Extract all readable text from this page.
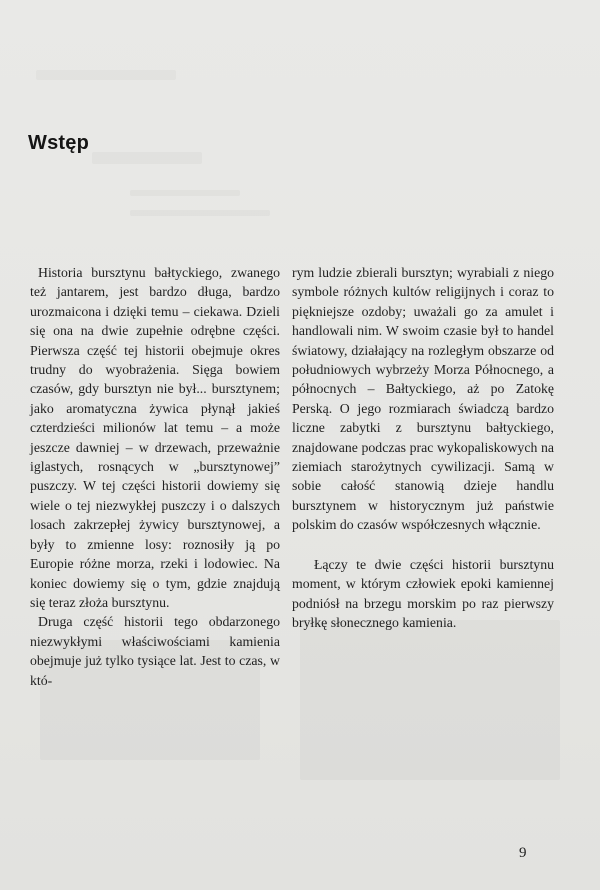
Wstęp

Historia bursztynu bałtyckiego, zwanego też jantarem, jest bardzo długa, bardzo urozmaicona i dzięki temu – ciekawa. Dzieli się ona na dwie zupełnie odrębne części. Pierwsza część tej historii obejmuje okres trudny do wyobrażenia. Sięga bowiem czasów, gdy bursztyn nie był... bursztynem; jako aromatyczna żywica płynął jakieś czterdzieści milionów lat temu – a może jeszcze dawniej – w drzewach, przeważnie iglastych, rosnących w „bursztynowej” puszczy. W tej części historii dowiemy się wiele o tej niezwykłej puszczy i o dalszych losach zakrzepłej żywicy bursztynowej, a były to zmienne losy: roznosiły ją po Europie różne morza, rzeki i lodowiec. Na koniec dowiemy się o tym, gdzie znajdują się teraz złoża bursztynu.

Druga część historii tego obdarzonego niezwykłymi właściwościami kamienia obejmuje już tylko tysiące lat. Jest to czas, w któ-

rym ludzie zbierali bursztyn; wyrabiali z niego symbole różnych kultów religijnych i coraz to piękniejsze ozdoby; uważali go za amulet i handlowali nim. W swoim czasie był to handel światowy, działający na rozległym obszarze od południowych wybrzeży Morza Północnego, a północnych – Bałtyckiego, aż po Zatokę Perską. O jego rozmiarach świadczą bardzo liczne zabytki z bursztynu bałtyckiego, znajdowane podczas prac wykopaliskowych na ziemiach starożytnych cywilizacji. Samą w sobie całość stanowią dzieje handlu bursztynem w historycznym już państwie polskim do czasów współczesnych włącznie.

Łączy te dwie części historii bursztynu moment, w którym człowiek epoki kamiennej podniósł na brzegu morskim po raz pierwszy bryłkę słonecznego kamienia.

9
